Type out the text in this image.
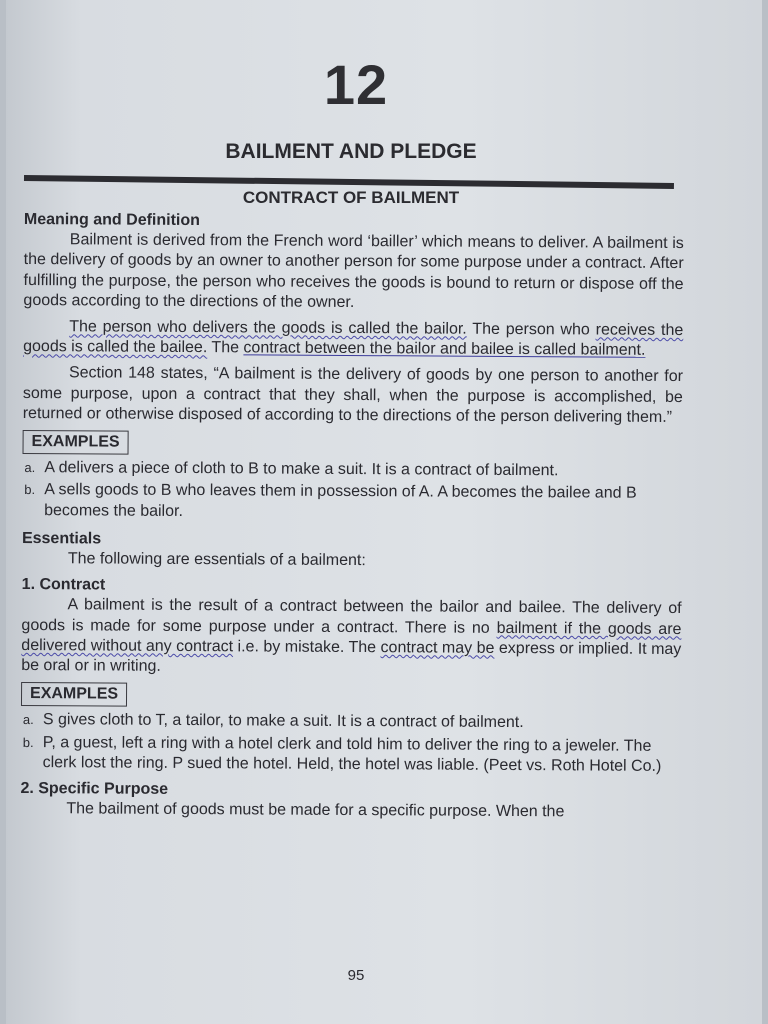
12
BAILMENT AND PLEDGE
CONTRACT OF BAILMENT
Meaning and Definition

Bailment is derived from the French word ‘bailler’ which means to deliver. A bailment is the delivery of goods by an owner to another person for some purpose under a contract. After fulfilling the purpose, the person who receives the goods is bound to return or dispose off the goods according to the directions of the owner.

The person who delivers the goods is called the bailor. The person who receives the goods is called the bailee. The contract between the bailor and bailee is called bailment.

Section 148 states, “A bailment is the delivery of goods by one person to another for some purpose, upon a contract that they shall, when the purpose is accomplished, be returned or otherwise disposed of according to the directions of the person delivering them.”

EXAMPLES
a. A delivers a piece of cloth to B to make a suit. It is a contract of bailment.
b. A sells goods to B who leaves them in possession of A. A becomes the bailee and B becomes the bailor.
Essentials

The following are essentials of a bailment:

1. Contract

A bailment is the result of a contract between the bailor and bailee. The delivery of goods is made for some purpose under a contract. There is no bailment if the goods are delivered without any contract i.e. by mistake. The contract may be express or implied. It may be oral or in writing.

EXAMPLES
a. S gives cloth to T, a tailor, to make a suit. It is a contract of bailment.
b. P, a guest, left a ring with a hotel clerk and told him to deliver the ring to a jeweler. The clerk lost the ring. P sued the hotel. Held, the hotel was liable. (Peet vs. Roth Hotel Co.)
2. Specific Purpose

The bailment of goods must be made for a specific purpose. When the

95
